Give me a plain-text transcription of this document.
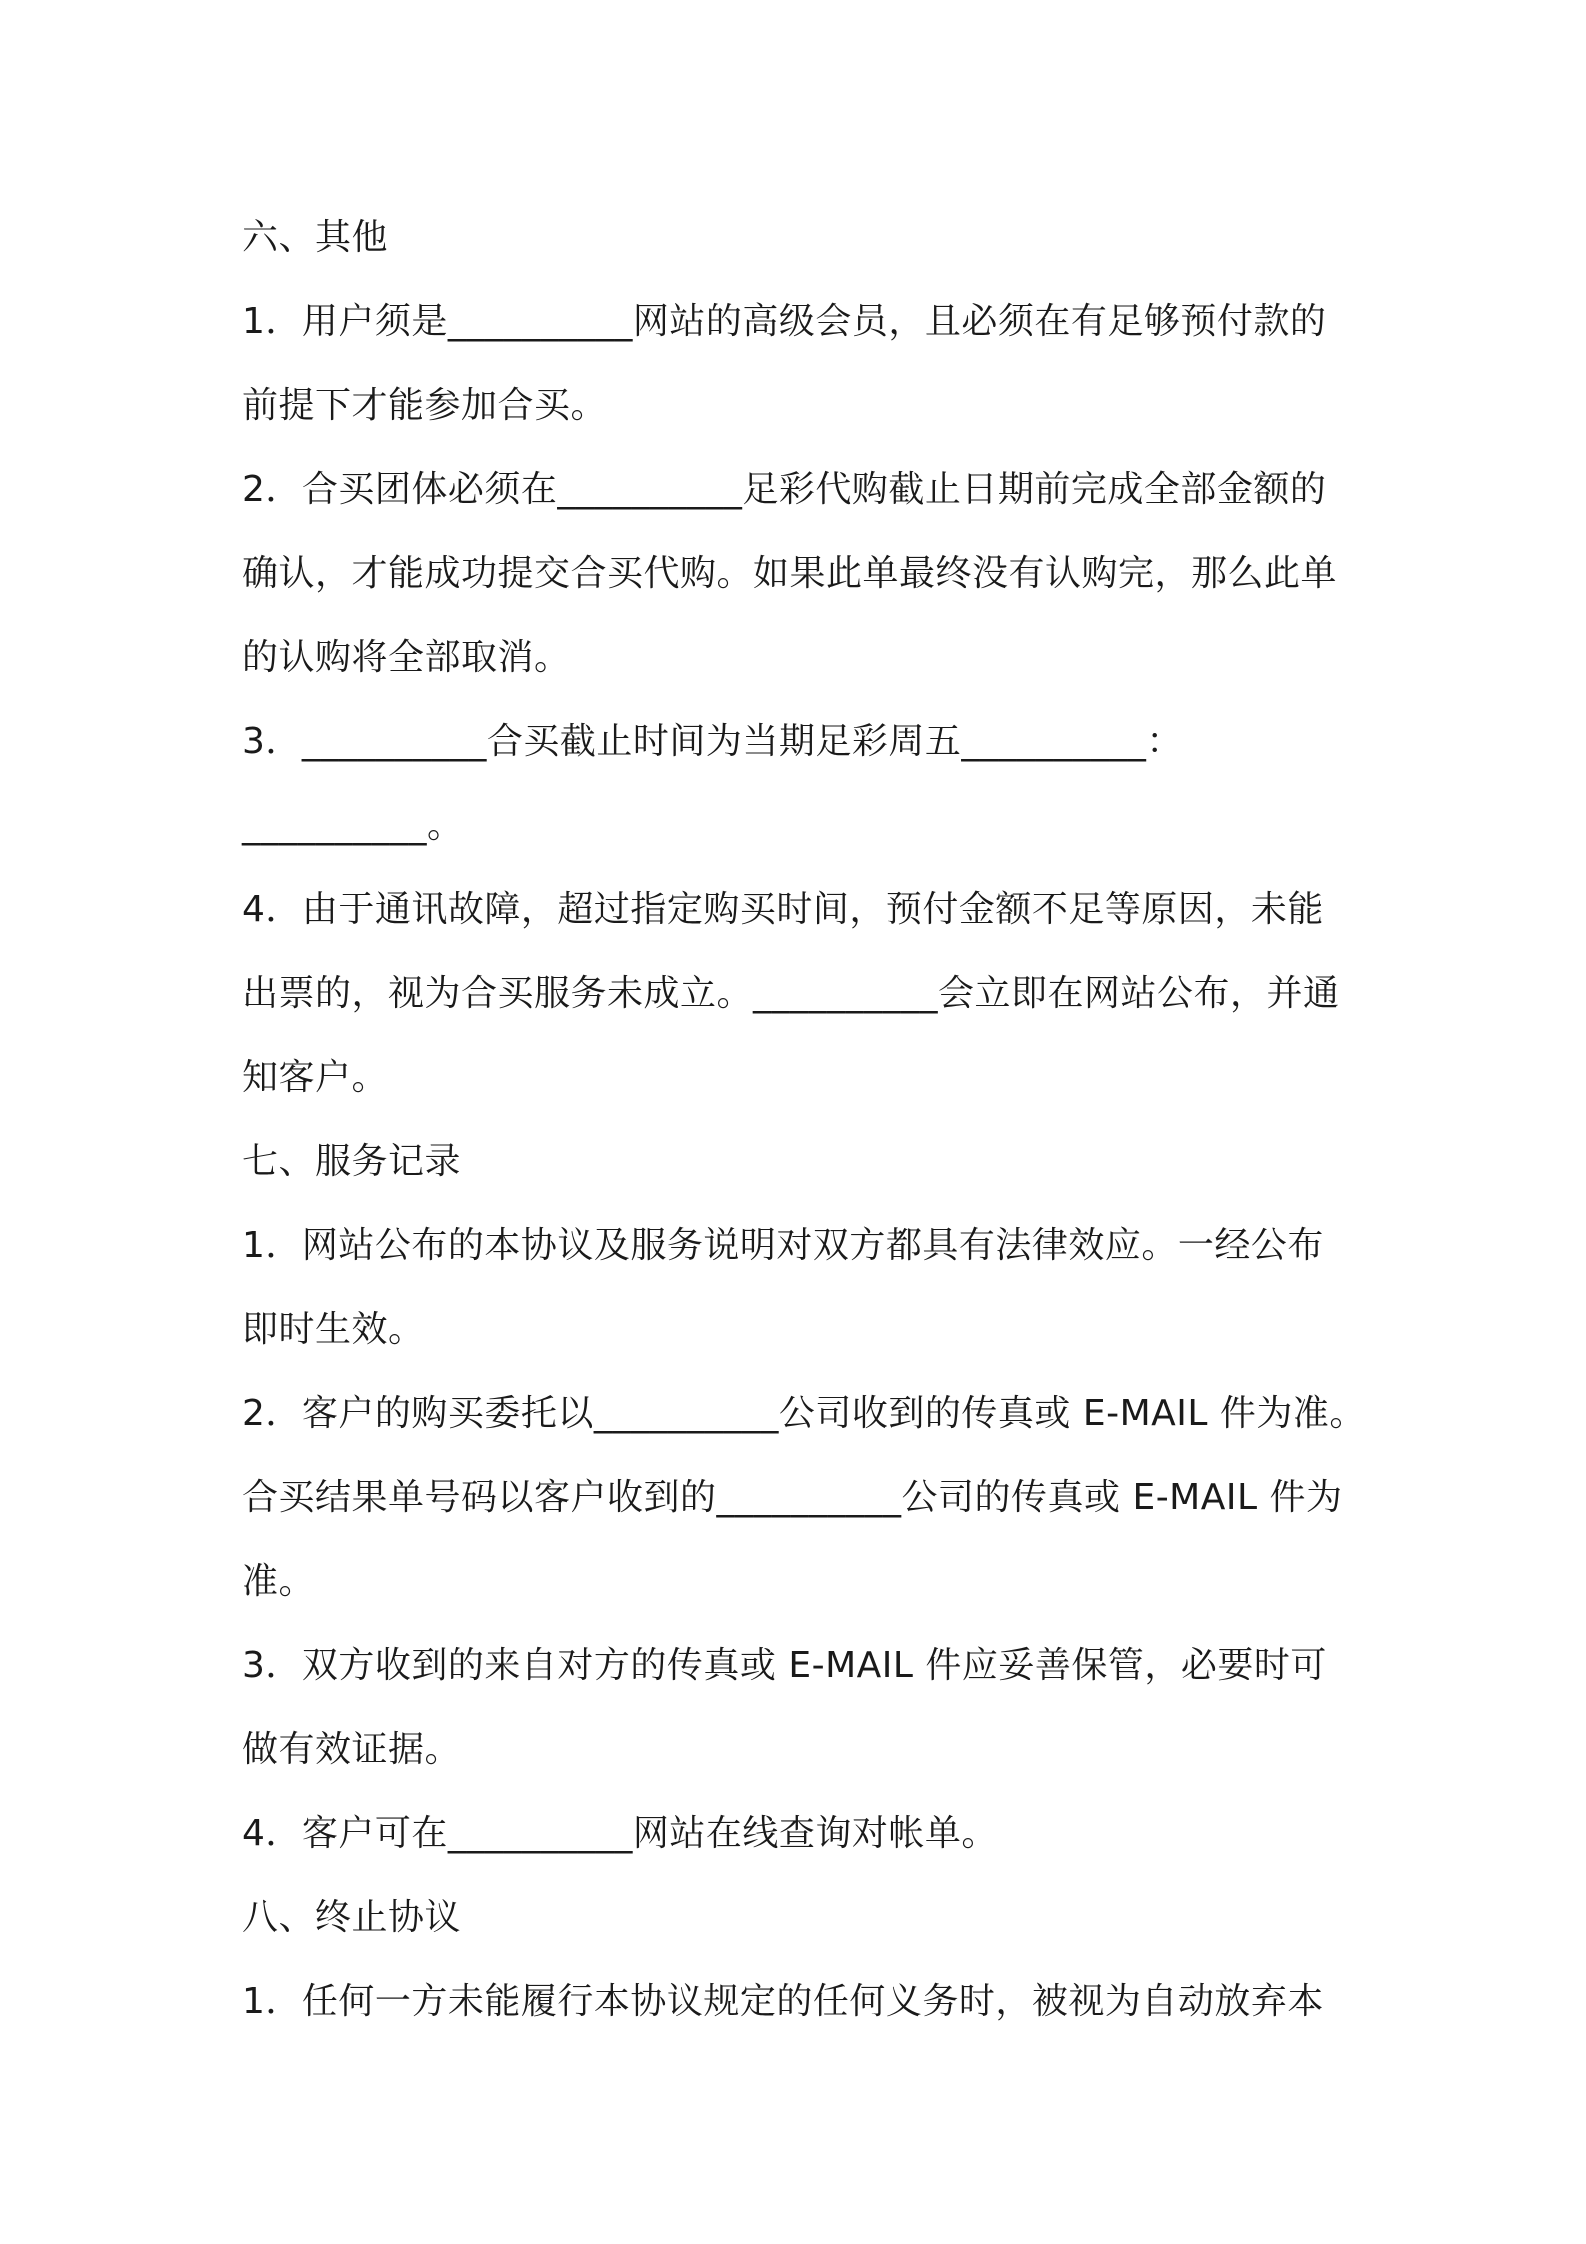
六、其他
1．用户须是__________网站的高级会员，且必须在有足够预付款的
前提下才能参加合买。
2．合买团体必须在__________足彩代购截止日期前完成全部金额的
确认，才能成功提交合买代购。如果此单最终没有认购完，那么此单
的认购将全部取消。
3．__________合买截止时间为当期足彩周五__________：
__________。
4．由于通讯故障，超过指定购买时间，预付金额不足等原因，未能
出票的，视为合买服务未成立。__________会立即在网站公布，并通
知客户。
七、服务记录
1．网站公布的本协议及服务说明对双方都具有法律效应。一经公布
即时生效。
2．客户的购买委托以__________公司收到的传真或 E-MAIL 件为准。
合买结果单号码以客户收到的__________公司的传真或 E-MAIL 件为
准。
3．双方收到的来自对方的传真或 E-MAIL 件应妥善保管，必要时可
做有效证据。
4．客户可在__________网站在线查询对帐单。
八、终止协议
1．任何一方未能履行本协议规定的任何义务时，被视为自动放弃本
